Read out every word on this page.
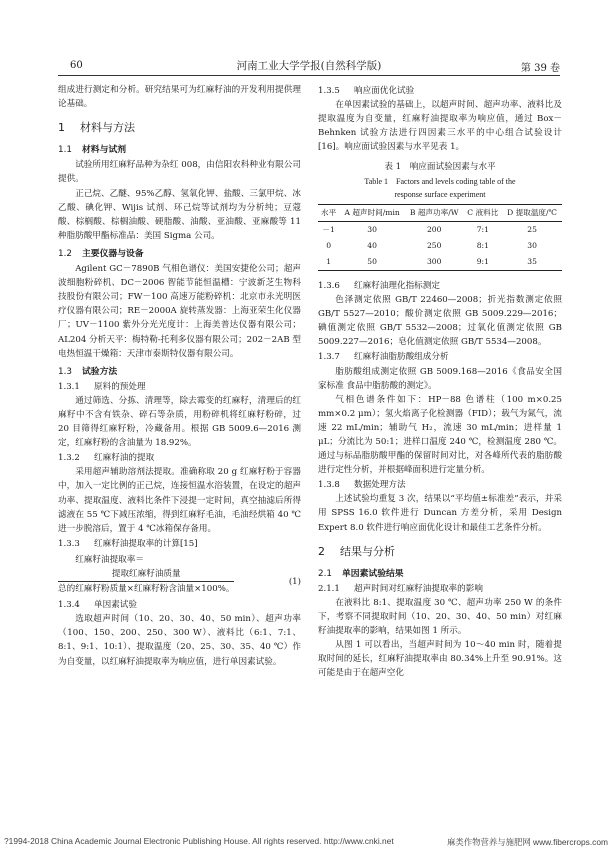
60	河南工业大学学报(自然科学版)	第 39 卷

组成进行测定和分析。研究结果可为红麻籽油的开发利用提供理论基础。

1 材料与方法
1.1 材料与试剂

试验所用红麻籽品种为杂红 008，由信阳农科种业有限公司提供。

正己烷、乙醚、95%乙醇、氢氧化钾、盐酸、三氯甲烷、冰乙酸、碘化钾、Wijis 试剂、环己烷等试剂均为分析纯；豆蔻酸、棕榈酸、棕榈油酸、硬脂酸、油酸、亚油酸、亚麻酸等 11 种脂肪酸甲酯标准品：美国 Sigma 公司。

1.2 主要仪器与设备

Agilent GC－7890B 气相色谱仪：美国安捷伦公司；超声波细胞粉碎机、DC－2006 智能节能恒温槽：宁波新芝生物科技股份有限公司；FW－100 高速万能粉碎机：北京市永光明医疗仪器有限公司；RE－2000A 旋转蒸发器：上海亚荣生化仪器厂；UV－1100 紫外分光光度计：上海美普达仪器有限公司；AL204 分析天平：梅特勒-托利多仪器有限公司；202－2AB 型电热恒温干燥箱：天津市泰斯特仪器有限公司。

1.3 试验方法
1.3.1 原料的预处理

通过筛选、分拣、清理等，除去霉变的红麻籽，清理后的红麻籽中不含有铁杂、碎石等杂质，用粉碎机将红麻籽粉碎，过 20 目筛得红麻籽粉，冷藏备用。根据 GB 5009.6—2016 测定，红麻籽粉的含油量为 18.92%。

1.3.2 红麻籽油的提取

采用超声辅助溶剂法提取。准确称取 20 g 红麻籽粉于容器中，加入一定比例的正己烷，连接恒温水浴装置，在设定的超声功率、提取温度、液料比条件下浸提一定时间，真空抽滤后所得滤液在 55 ℃下减压浓缩，得到红麻籽毛油，毛油经烘箱 40 ℃进一步脱溶后，置于 4 ℃冰箱保存备用。

1.3.3 红麻籽油提取率的计算[15]
红麻籽油提取率＝
提取红麻籽油质量
总的红麻籽粉质量×红麻籽粉含油量×100%。
(1)
1.3.4 单因素试验

选取超声时间（10、20、30、40、50 min）、超声功率（100、150、200、250、300 W）、液料比（6:1、7:1、8:1、9:1、10:1）、提取温度（20、25、30、35、40 ℃）作为自变量，以红麻籽油提取率为响应值，进行单因素试验。

1.3.5 响应面优化试验

在单因素试验的基础上，以超声时间、超声功率、液料比及提取温度为自变量，红麻籽油提取率为响应值，通过 Box－Behnken 试验方法进行四因素三水平的中心组合试验设计[16]。响应面试验因素与水平见表 1。

表 1　响应面试验因素与水平
Table 1　Factors and levels coding table of the
response surface experiment
水平	A 超声时间/min	B 超声功率/W	C 液料比	D 提取温度/℃
－1	30	200	7:1	25
0	40	250	8:1	30
1	50	300	9:1	35
1.3.6 红麻籽油理化指标测定

色泽测定依照 GB/T 22460—2008；折光指数测定依照 GB/T 5527—2010；酸价测定依照 GB 5009.229—2016；碘值测定依照 GB/T 5532—2008；过氧化值测定依照 GB 5009.227—2016；皂化值测定依照 GB/T 5534—2008。

1.3.7 红麻籽油脂肪酸组成分析

脂肪酸组成测定依照 GB 5009.168—2016《食品安全国家标准 食品中脂肪酸的测定》。

气相色谱条件如下：HP－88 色谱柱（100 m×0.25 mm×0.2 μm）；氢火焰离子化检测器（FID）；载气为氮气，流速 22 mL/min；辅助气 H₂，流速 30 mL/min；进样量 1 μL；分流比为 50:1；进样口温度 240 ℃，检测温度 280 ℃。通过与标品脂肪酸甲酯的保留时间对比，对各峰所代表的脂肪酸进行定性分析，并根据峰面积进行定量分析。

1.3.8 数据处理方法

上述试验均重复 3 次，结果以“平均值±标准差”表示，并采用 SPSS 16.0 软件进行 Duncan 方差分析，采用 Design Expert 8.0 软件进行响应面优化设计和最佳工艺条件分析。

2 结果与分析
2.1 单因素试验结果
2.1.1 超声时间对红麻籽油提取率的影响

在液料比 8:1、提取温度 30 ℃、超声功率 250 W 的条件下，考察不同提取时间（10、20、30、40、50 min）对红麻籽油提取率的影响，结果如图 1 所示。

从图 1 可以看出，当超声时间为 10～40 min 时，随着提取时间的延长，红麻籽油提取率由 80.34%上升至 90.91%。这可能是由于在超声空化

?1994-2018 China Academic Journal Electronic Publishing House. All rights reserved. http://www.cnki.net	麻类作物营养与施肥网 www.fibercrops.com
